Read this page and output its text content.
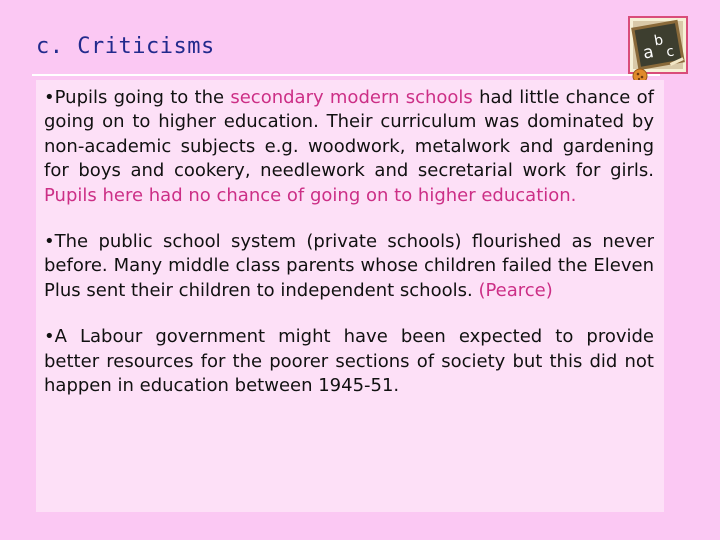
c. Criticisms	a
b
c

•Pupils going to the secondary modern schools had little chance of going on to higher education. Their curriculum was dominated by non-academic subjects e.g. woodwork, metalwork and gardening for boys and cookery, needlework and secretarial work for girls. Pupils here had no chance of going on to higher education.

•The public school system (private schools) flourished as never before. Many middle class parents whose children failed the Eleven Plus sent their children to independent schools. (Pearce)

•A Labour government might have been expected to provide better resources for the poorer sections of society but this did not happen in education between 1945-51.
